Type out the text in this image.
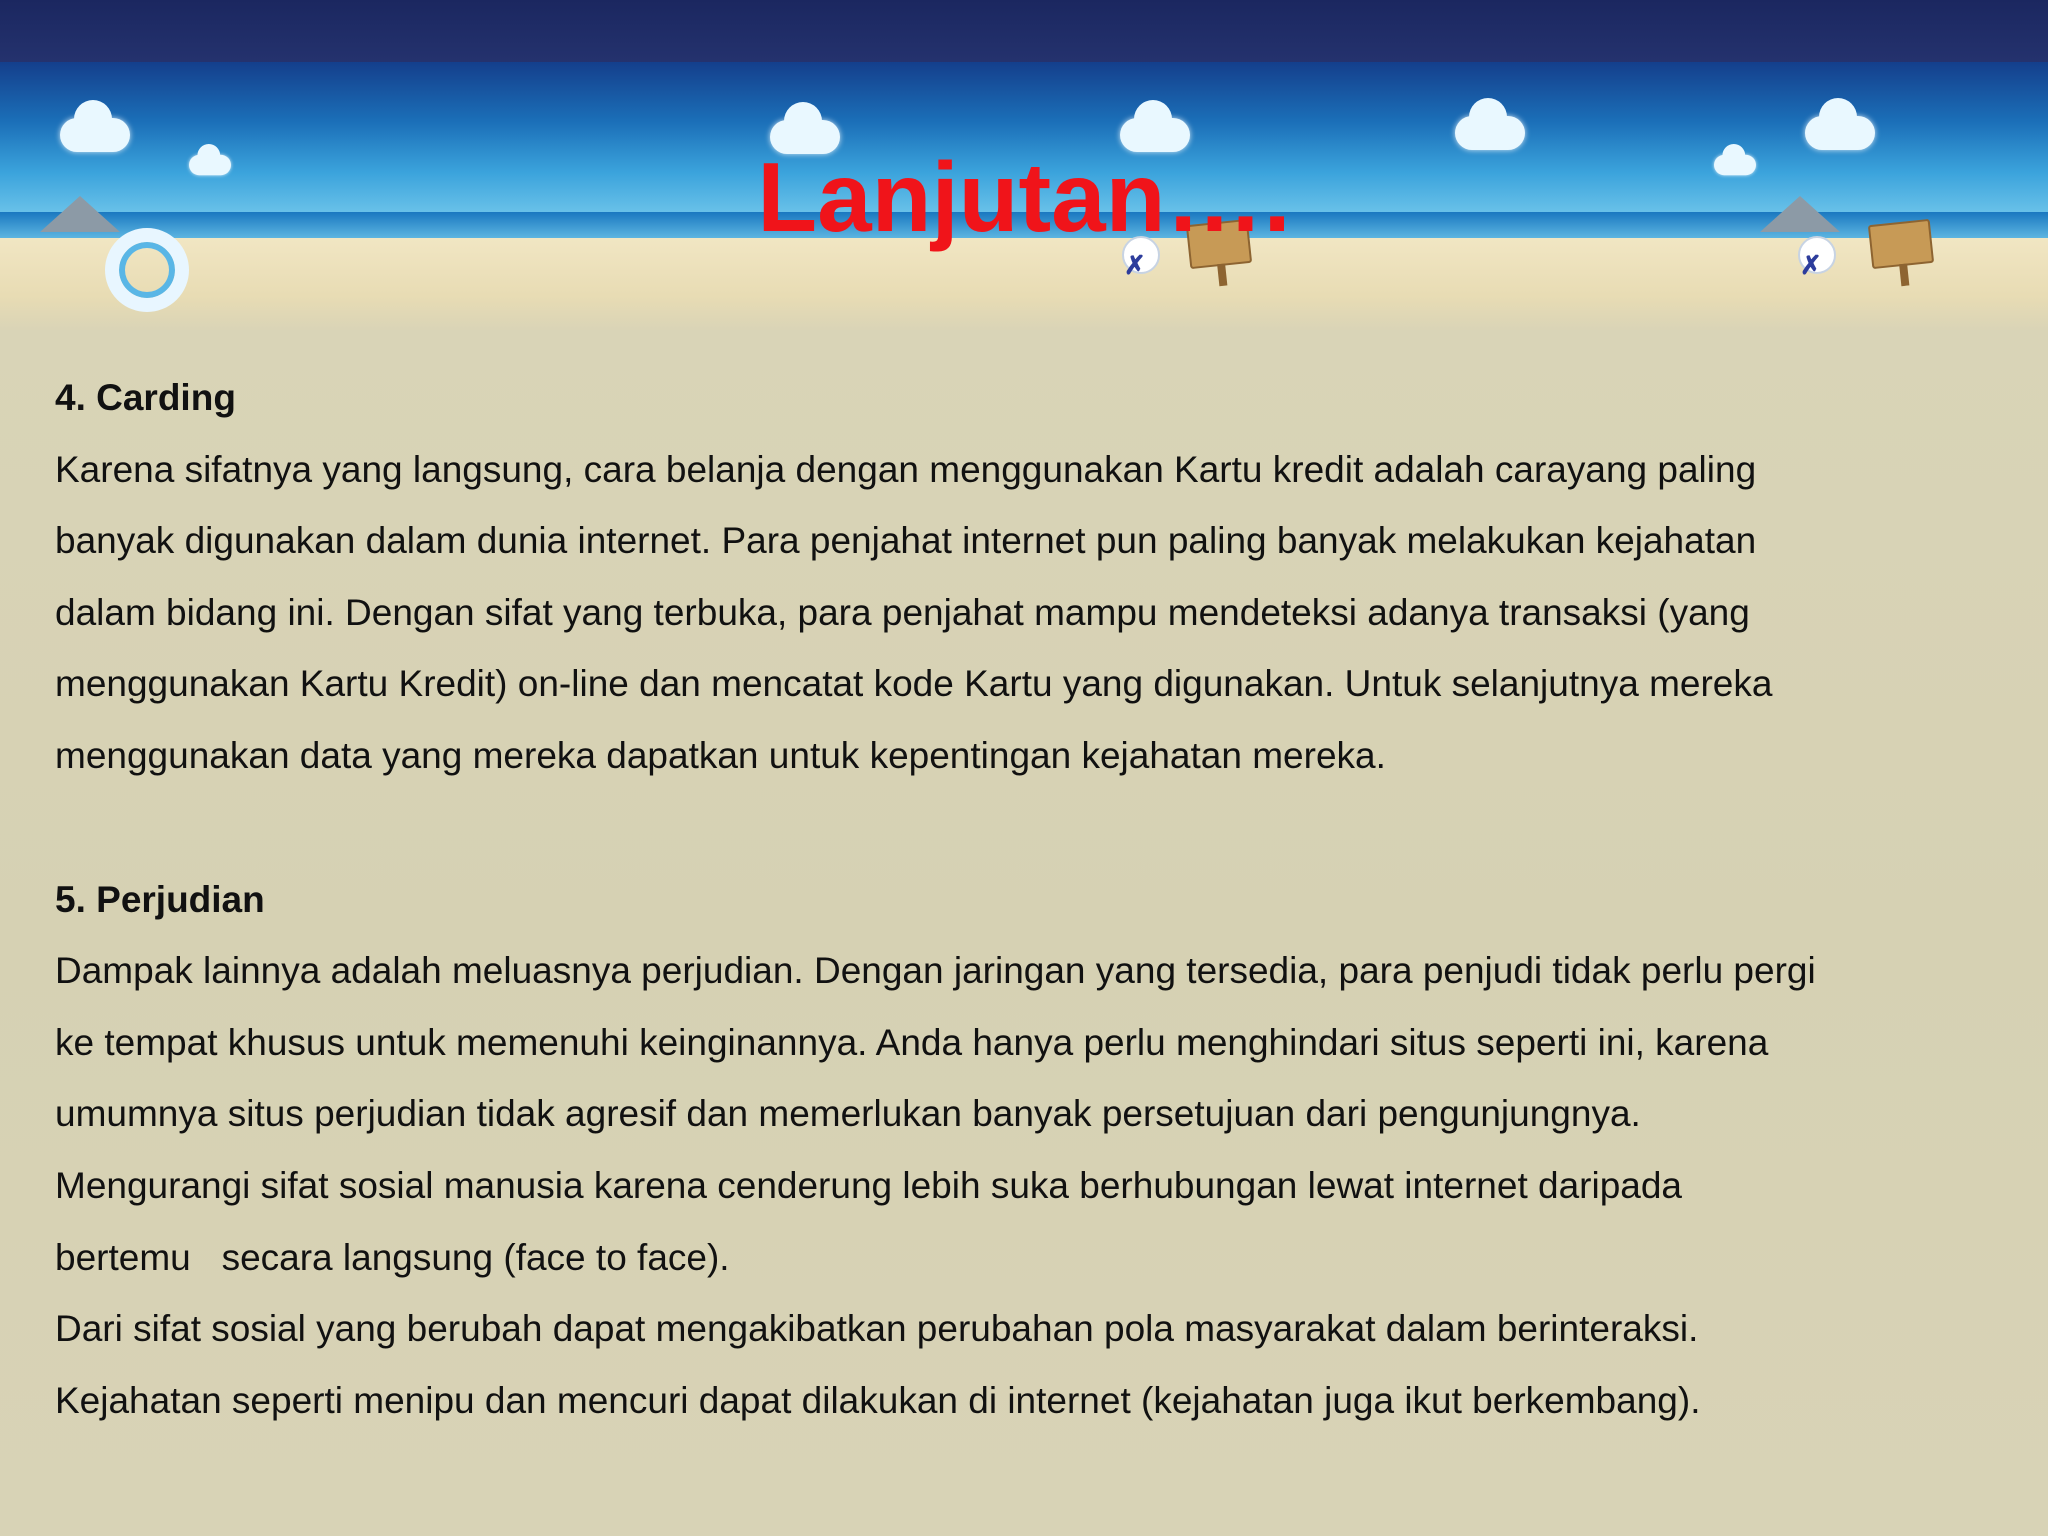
✗	✗
Lanjutan….

4. Carding

Karena sifatnya yang langsung, cara belanja dengan menggunakan Kartu kredit adalah carayang paling

banyak digunakan dalam dunia internet. Para penjahat internet pun paling banyak melakukan kejahatan

dalam bidang ini. Dengan sifat yang terbuka, para penjahat mampu mendeteksi adanya transaksi (yang

menggunakan Kartu Kredit) on-line dan mencatat kode Kartu yang digunakan. Untuk selanjutnya mereka

menggunakan data yang mereka dapatkan untuk kepentingan kejahatan mereka.

5. Perjudian

Dampak lainnya adalah meluasnya perjudian. Dengan jaringan yang tersedia, para penjudi tidak perlu pergi

ke tempat khusus untuk memenuhi keinginannya. Anda hanya perlu menghindari situs seperti ini, karena

umumnya situs perjudian tidak agresif dan memerlukan banyak persetujuan dari pengunjungnya.

Mengurangi sifat sosial manusia karena cenderung lebih suka berhubungan lewat internet daripada

bertemu   secara langsung (face to face).

Dari sifat sosial yang berubah dapat mengakibatkan perubahan pola masyarakat dalam berinteraksi.

Kejahatan seperti menipu dan mencuri dapat dilakukan di internet (kejahatan juga ikut berkembang).
